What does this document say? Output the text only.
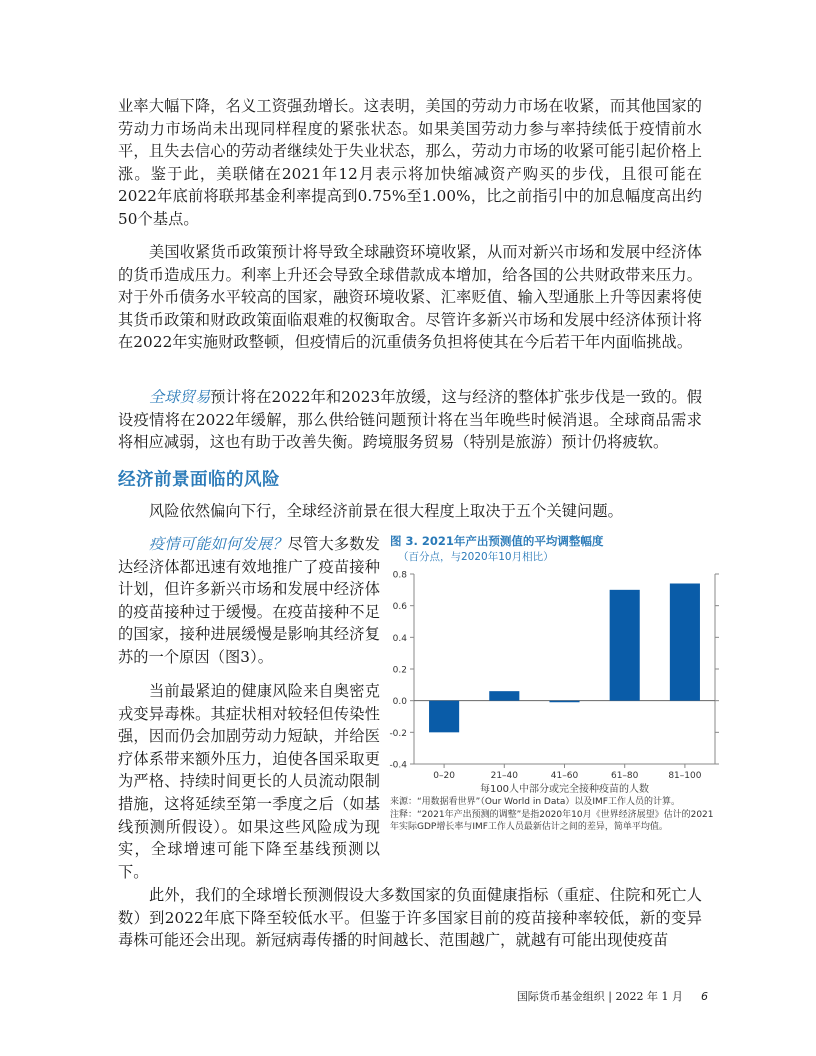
业率大幅下降，名义工资强劲增长。这表明，美国的劳动力市场在收紧，而其他国家的劳动力市场尚未出现同样程度的紧张状态。如果美国劳动力参与率持续低于疫情前水平，且失去信心的劳动者继续处于失业状态，那么，劳动力市场的收紧可能引起价格上涨。鉴于此，美联储在2021年12月表示将加快缩减资产购买的步伐，且很可能在2022年底前将联邦基金利率提高到0.75%至1.00%，比之前指引中的加息幅度高出约50个基点。

美国收紧货币政策预计将导致全球融资环境收紧，从而对新兴市场和发展中经济体的货币造成压力。利率上升还会导致全球借款成本增加，给各国的公共财政带来压力。对于外币债务水平较高的国家，融资环境收紧、汇率贬值、输入型通胀上升等因素将使其货币政策和财政政策面临艰难的权衡取舍。尽管许多新兴市场和发展中经济体预计将在2022年实施财政整顿，但疫情后的沉重债务负担将使其在今后若干年内面临挑战。

全球贸易预计将在2022年和2023年放缓，这与经济的整体扩张步伐是一致的。假设疫情将在2022年缓解，那么供给链问题预计将在当年晚些时候消退。全球商品需求将相应减弱，这也有助于改善失衡。跨境服务贸易（特别是旅游）预计仍将疲软。

经济前景面临的风险

风险依然偏向下行，全球经济前景在很大程度上取决于五个关键问题。

疫情可能如何发展？尽管大多数发达经济体都迅速有效地推广了疫苗接种计划，但许多新兴市场和发展中经济体的疫苗接种过于缓慢。在疫苗接种不足的国家，接种进展缓慢是影响其经济复苏的一个原因（图3）。

当前最紧迫的健康风险来自奥密克戎变异毒株。其症状相对较轻但传染性强，因而仍会加剧劳动力短缺，并给医疗体系带来额外压力，迫使各国采取更为严格、持续时间更长的人员流动限制措施，这将延续至第一季度之后（如基线预测所假设）。如果这些风险成为现实，全球增速可能下降至基线预测以下。

此外，我们的全球增长预测假设大多数国家的负面健康指标（重症、住院和死亡人数）到2022年底下降至较低水平。但鉴于许多国家目前的疫苗接种率较低，新的变异毒株可能还会出现。新冠病毒传播的时间越长、范围越广，就越有可能出现使疫苗

图 3. 2021年产出预测值的平均调整幅度

（百分点，与2020年10月相比）

-0.4
-0.2
0.0
0.2
0.4
0.6
0.8
0–20	21–40	41–60	61–80	81–100
每100人中部分或完全接种疫苗的人数
来源：“用数据看世界”（Our World in Data）以及IMF工作人员的计算。
注释：“2021年产出预测的调整”是指2020年10月《世界经济展望》估计的2021年实际GDP增长率与IMF工作人员最新估计之间的差异，简单平均值。

国际货币基金组织 | 2022 年 1 月 6
